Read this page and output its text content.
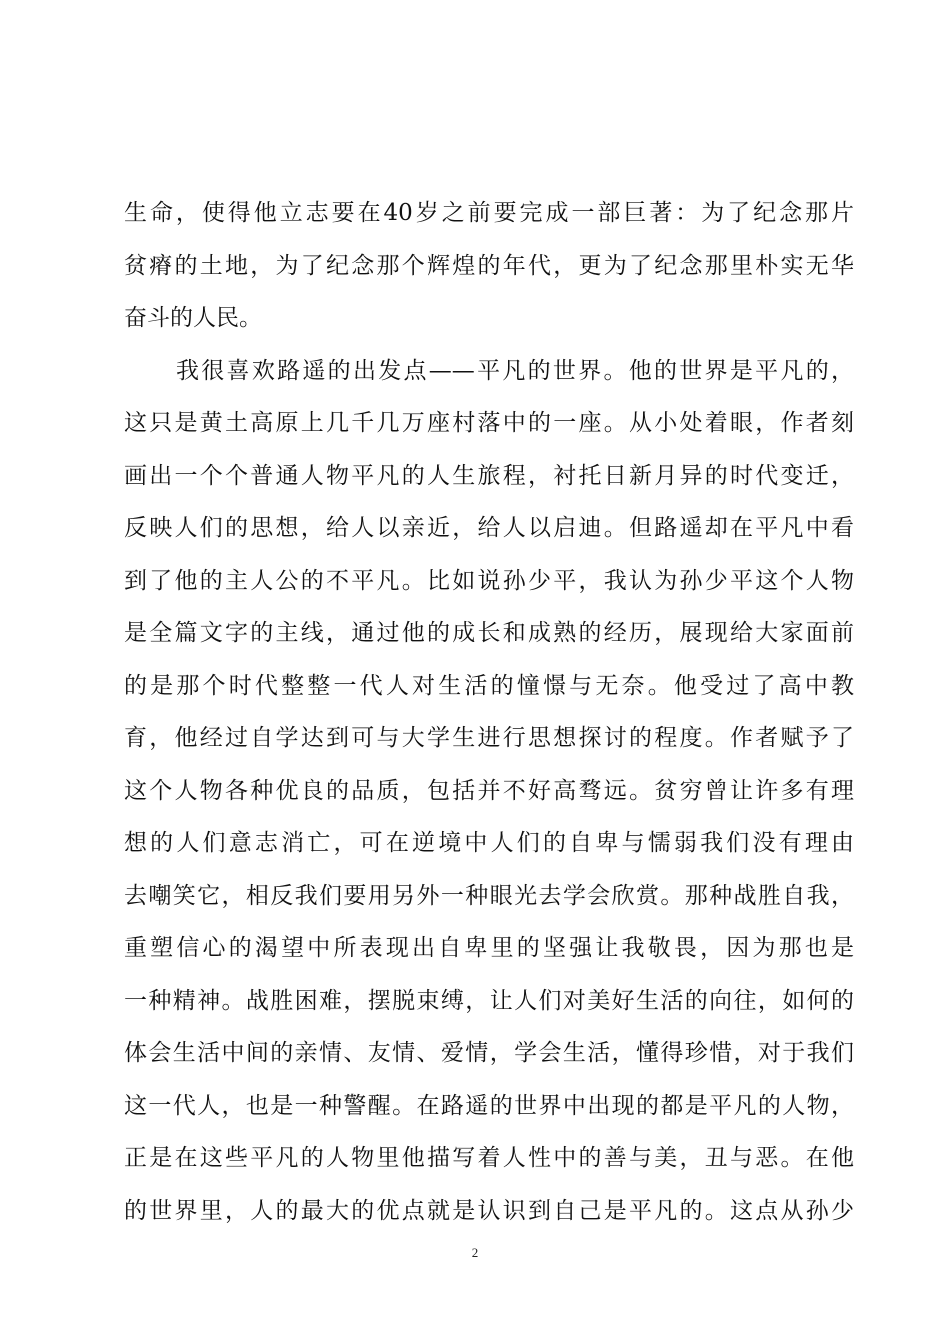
生命，使得他立志要在40岁之前要完成一部巨著：为了纪念那片
贫瘠的土地，为了纪念那个辉煌的年代，更为了纪念那里朴实无华
奋斗的人民。
我很喜欢路遥的出发点——平凡的世界。他的世界是平凡的，
这只是黄土高原上几千几万座村落中的一座。从小处着眼，作者刻
画出一个个普通人物平凡的人生旅程，衬托日新月异的时代变迁，
反映人们的思想，给人以亲近，给人以启迪。但路遥却在平凡中看
到了他的主人公的不平凡。比如说孙少平，我认为孙少平这个人物
是全篇文字的主线，通过他的成长和成熟的经历，展现给大家面前
的是那个时代整整一代人对生活的憧憬与无奈。他受过了高中教
育，他经过自学达到可与大学生进行思想探讨的程度。作者赋予了
这个人物各种优良的品质，包括并不好高骛远。贫穷曾让许多有理
想的人们意志消亡，可在逆境中人们的自卑与懦弱我们没有理由
去嘲笑它，相反我们要用另外一种眼光去学会欣赏。那种战胜自我，
重塑信心的渴望中所表现出自卑里的坚强让我敬畏，因为那也是
一种精神。战胜困难，摆脱束缚，让人们对美好生活的向往，如何的
体会生活中间的亲情、友情、爱情，学会生活，懂得珍惜，对于我们
这一代人，也是一种警醒。在路遥的世界中出现的都是平凡的人物，
正是在这些平凡的人物里他描写着人性中的善与美，丑与恶。在他
的世界里，人的最大的优点就是认识到自己是平凡的。这点从孙少
2
